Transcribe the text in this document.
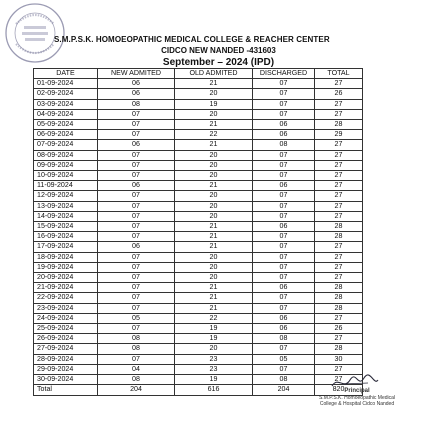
S.M.P.S.K. HOMOEOPATHIC MEDICAL COLLEGE & REACHER CENTER
CIDCO NEW NANDED -431603
September – 2024 (IPD)
DATE	NEW ADMITED	OLD ADMITED	DISCHARGED	TOTAL
01-09-2024	06	21	07	27
02-09-2024	06	20	07	26
03-09-2024	08	19	07	27
04-09-2024	07	20	07	27
05-09-2024	07	21	06	28
06-09-2024	07	22	06	29
07-09-2024	06	21	08	27
08-09-2024	07	20	07	27
09-09-2024	07	20	07	27
10-09-2024	07	20	07	27
11-09-2024	06	21	06	27
12-09-2024	07	20	07	27
13-09-2024	07	20	07	27
14-09-2024	07	20	07	27
15-09-2024	07	21	06	28
16-09-2024	07	21	07	28
17-09-2024	06	21	07	27
18-09-2024	07	20	07	27
19-09-2024	07	20	07	27
20-09-2024	07	20	07	27
21-09-2024	07	21	06	28
22-09-2024	07	21	07	28
23-09-2024	07	21	07	28
24-09-2024	05	22	06	27
25-09-2024	07	19	06	26
26-09-2024	08	19	08	27
27-09-2024	08	20	07	28
28-09-2024	07	23	05	30
29-09-2024	04	23	07	27
30-09-2024	08	19	08	27
Total	204	616	204	820 Principal
S.M.P.S.K. Homoeopathic Medical
College & Hospital Cidco Nanded
